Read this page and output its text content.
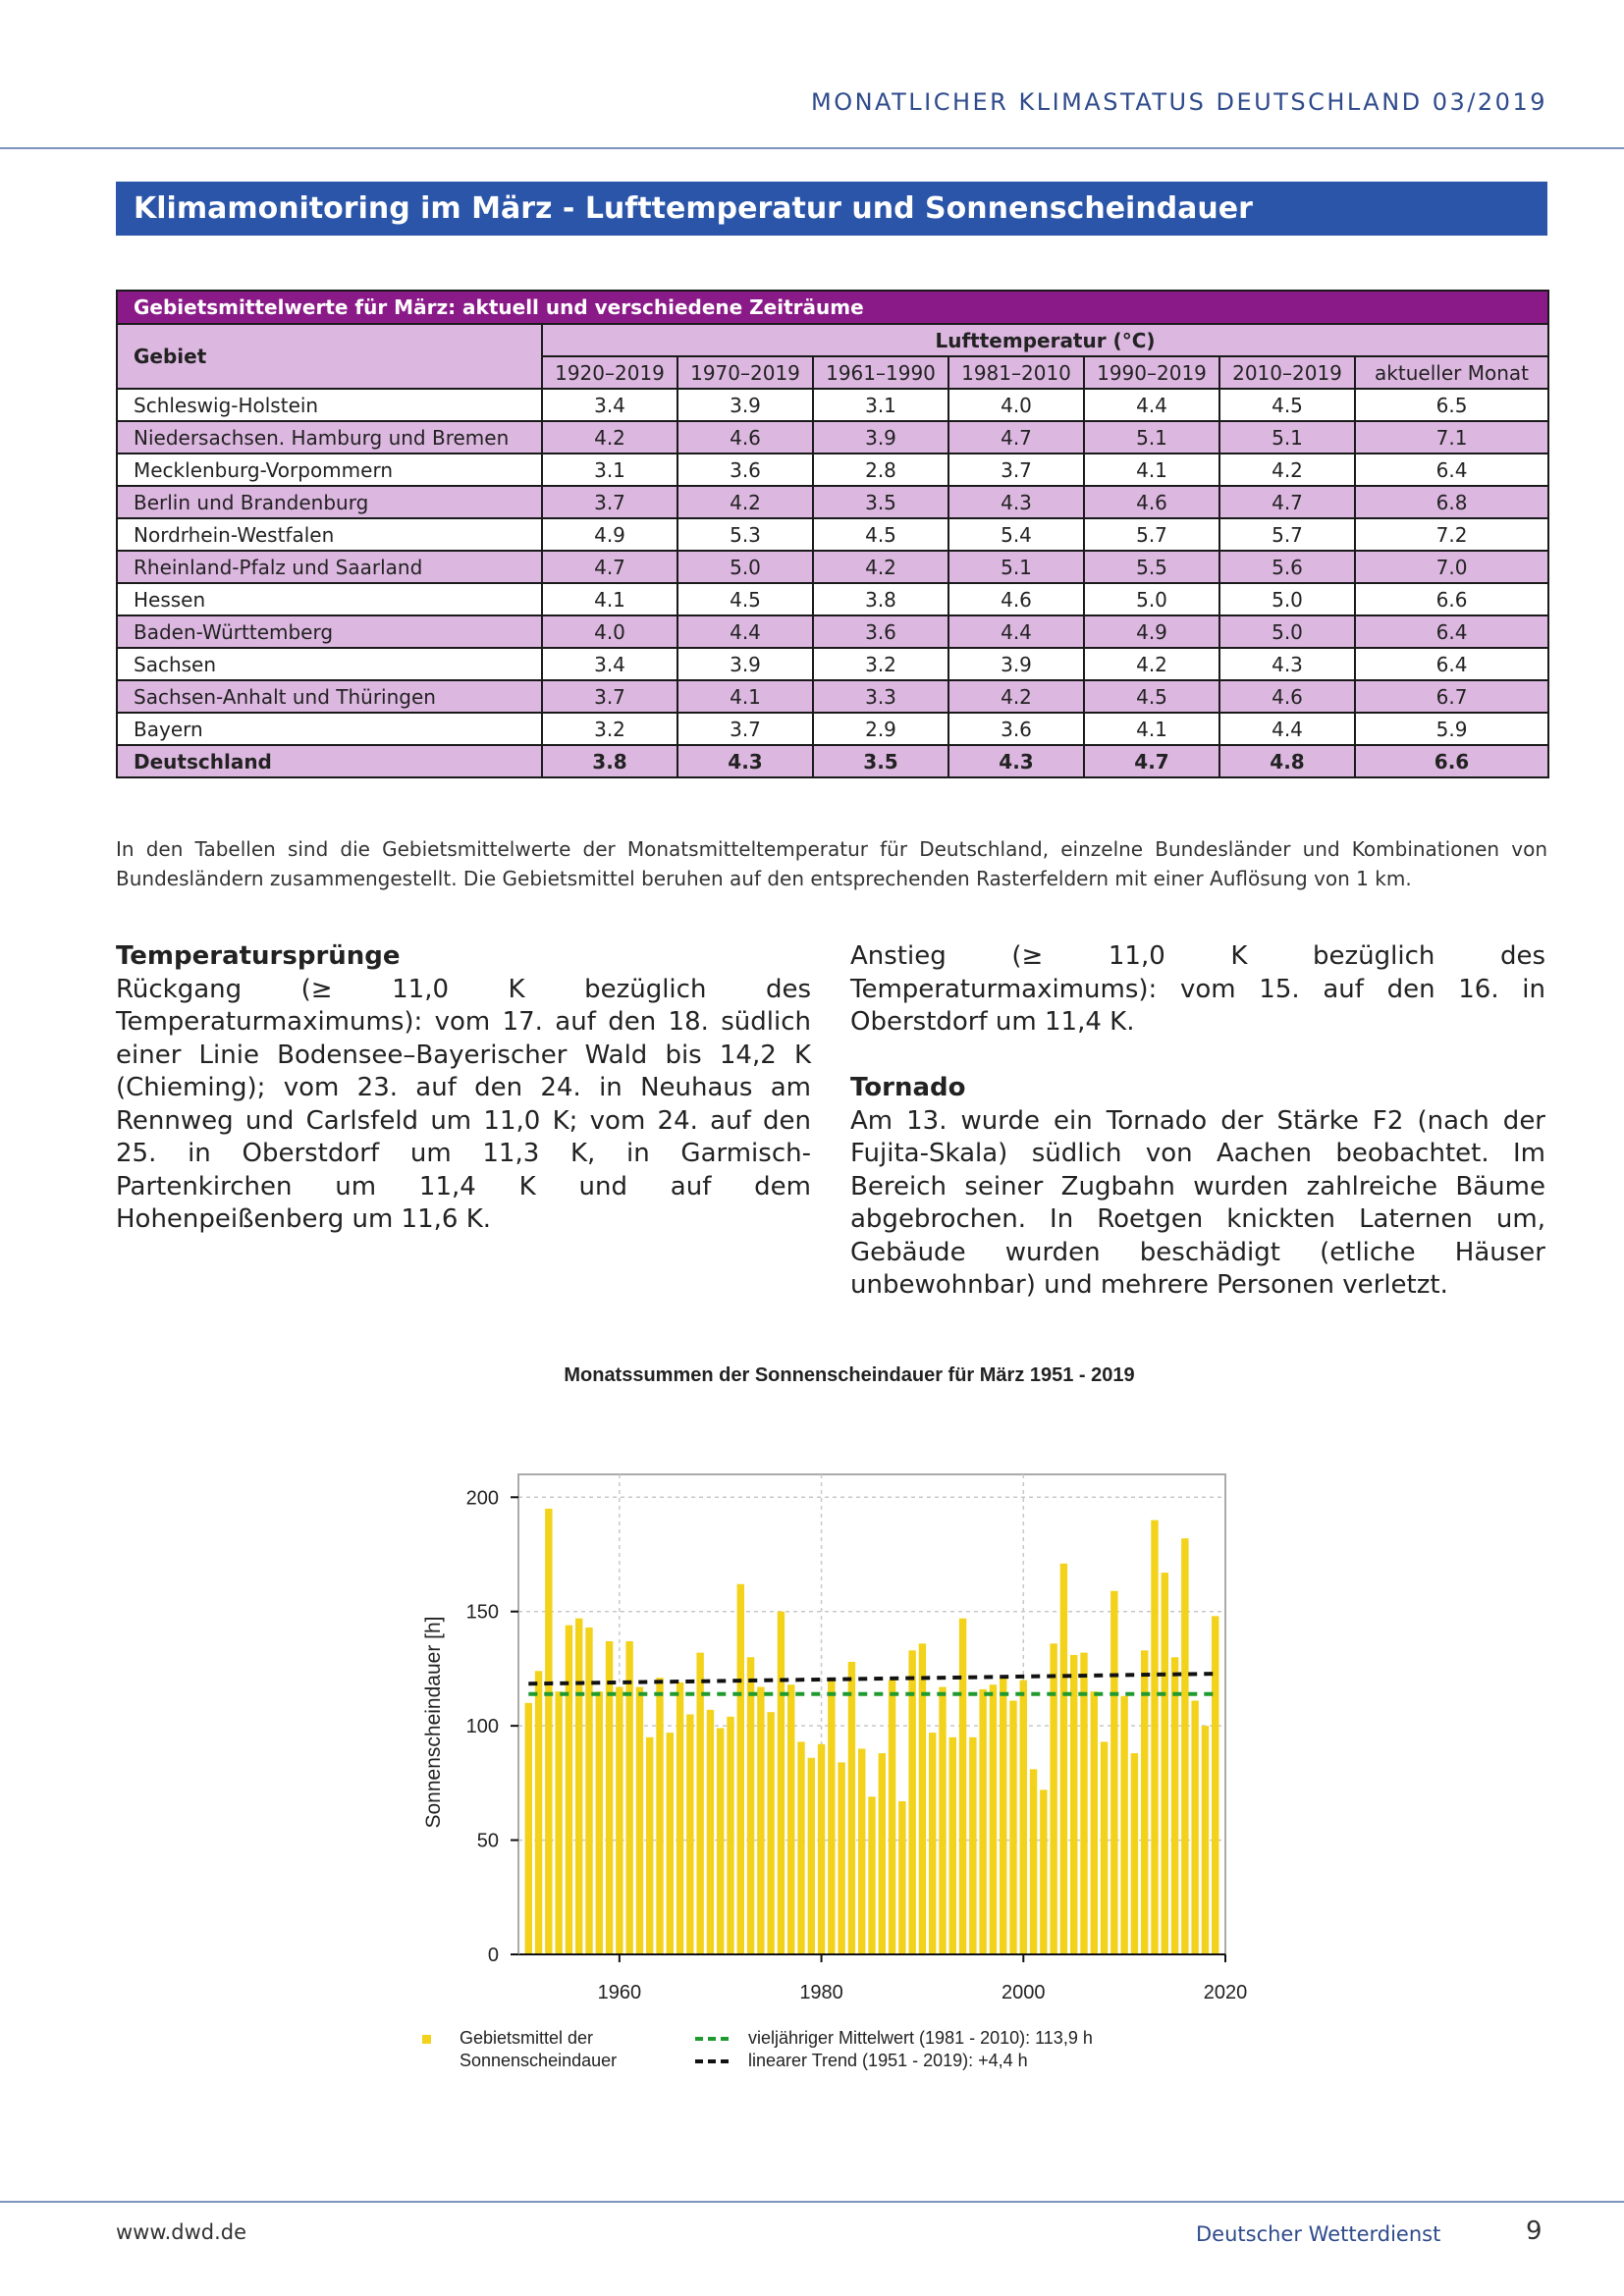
MONATLICHER KLIMASTATUS DEUTSCHLAND 03/2019
Klimamonitoring im März - Lufttemperatur und Sonnenscheindauer
Gebietsmittelwerte für März: aktuell und verschiedene Zeiträume							
Gebiet	Lufttemperatur (°C)						
	1920–2019	1970–2019	1961–1990	1981–2010	1990–2019	2010–2019	aktueller Monat
Schleswig-Holstein	3.4	3.9	3.1	4.0	4.4	4.5	6.5
Niedersachsen. Hamburg und Bremen	4.2	4.6	3.9	4.7	5.1	5.1	7.1
Mecklenburg-Vorpommern	3.1	3.6	2.8	3.7	4.1	4.2	6.4
Berlin und Brandenburg	3.7	4.2	3.5	4.3	4.6	4.7	6.8
Nordrhein-Westfalen	4.9	5.3	4.5	5.4	5.7	5.7	7.2
Rheinland-Pfalz und Saarland	4.7	5.0	4.2	5.1	5.5	5.6	7.0
Hessen	4.1	4.5	3.8	4.6	5.0	5.0	6.6
Baden-Württemberg	4.0	4.4	3.6	4.4	4.9	5.0	6.4
Sachsen	3.4	3.9	3.2	3.9	4.2	4.3	6.4
Sachsen-Anhalt und Thüringen	3.7	4.1	3.3	4.2	4.5	4.6	6.7
Bayern	3.2	3.7	2.9	3.6	4.1	4.4	5.9
Deutschland	3.8	4.3	3.5	4.3	4.7	4.8	6.6
In den Tabellen sind die Gebietsmittelwerte der Monatsmitteltemperatur für Deutschland, einzelne Bundesländer und Kombinationen von Bundesländern zusammengestellt. Die Gebietsmittel beruhen auf den entsprechenden Rasterfeldern mit einer Auflösung von 1 km.
Temperatursprünge

Rückgang (≥ 11,0 K bezüglich des Temperaturmaximums): vom 17. auf den 18. südlich einer Linie Bodensee–Bayerischer Wald bis 14,2 K (Chieming); vom 23. auf den 24. in Neuhaus am Rennweg und Carlsfeld um 11,0 K; vom 24. auf den 25. in Oberstdorf um 11,3 K, in Garmisch-Partenkirchen um 11,4 K und auf dem Hohenpeißenberg um 11,6 K.

Anstieg (≥ 11,0 K bezüglich des Temperaturmaximums): vom 15. auf den 16. in Oberstdorf um 11,4 K.

Tornado

Am 13. wurde ein Tornado der Stärke F2 (nach der Fujita-Skala) südlich von Aachen beobachtet. Im Bereich seiner Zugbahn wurden zahlreiche Bäume abgebrochen. In Roetgen knickten Laternen um, Gebäude wurden beschädigt (etliche Häuser unbewohnbar) und mehrere Personen verletzt.

Monatssummen der Sonnenscheindauer für März 1951 - 2019
0
50
100
150
200
1960	1980	2000	2020
Sonnenscheindauer [h]
Gebietsmittel der
Sonnenscheindauer
vieljähriger Mittelwert (1981 - 2010): 113,9 h
linearer Trend (1951 - 2019): +4,4 h
www.dwd.de	Deutscher Wetterdienst	9
